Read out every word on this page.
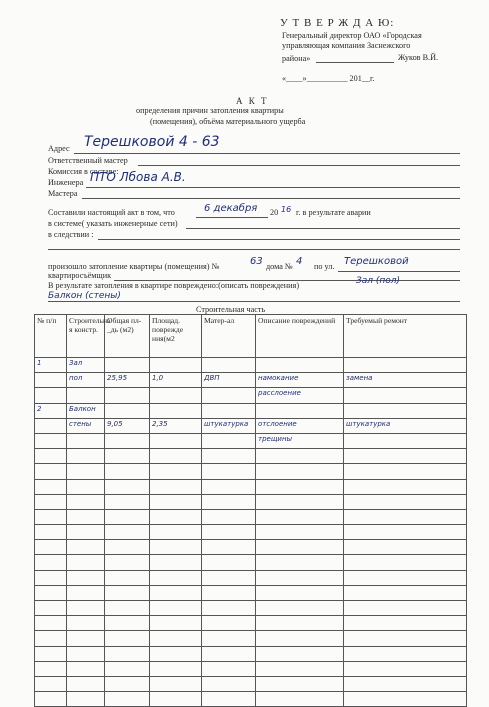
У Т В Е Р Ж Д А Ю:
Генеральный директор ОАО «Городская
управляющая компания Заснежского
района»	Жуков В.Й.
«____»__________ 201__г.
А К Т
определения причин затопления квартиры
(помещения), объёма материального ущерба
Адрес Терешковой 4 - 63
Ответственный мастер
Комиссия в составе:
Инженера ПТО Лбова А.В.
Мастера
Составили настоящий акт в том, что	6 декабря 20 16 г. в результате аварии
в системе( указать инженерные сети)
в следствии :
произошло затопление квартиры (помещения) №	63 дома № 4 по ул. Терешковой
квартиросъёмщик
В результате затопления в квартире повреждено:(описать повреждения)	Зал (пол)
Балкон (стены)
Строительная часть
№ п/п	Строительна я констр.	Общая пл-_дь (м2)	Площад. поврежде ния(м2	Матер-ал	Описание повреждений	Требуемый ремонт

1	Зал					

	пол	25,95	1,0	ДВП	намокание	замена

					расслоение	

2	Балкон					

	стены	9,05	2,35	штукатурка	отслоение	штукатурка

					трещины	
